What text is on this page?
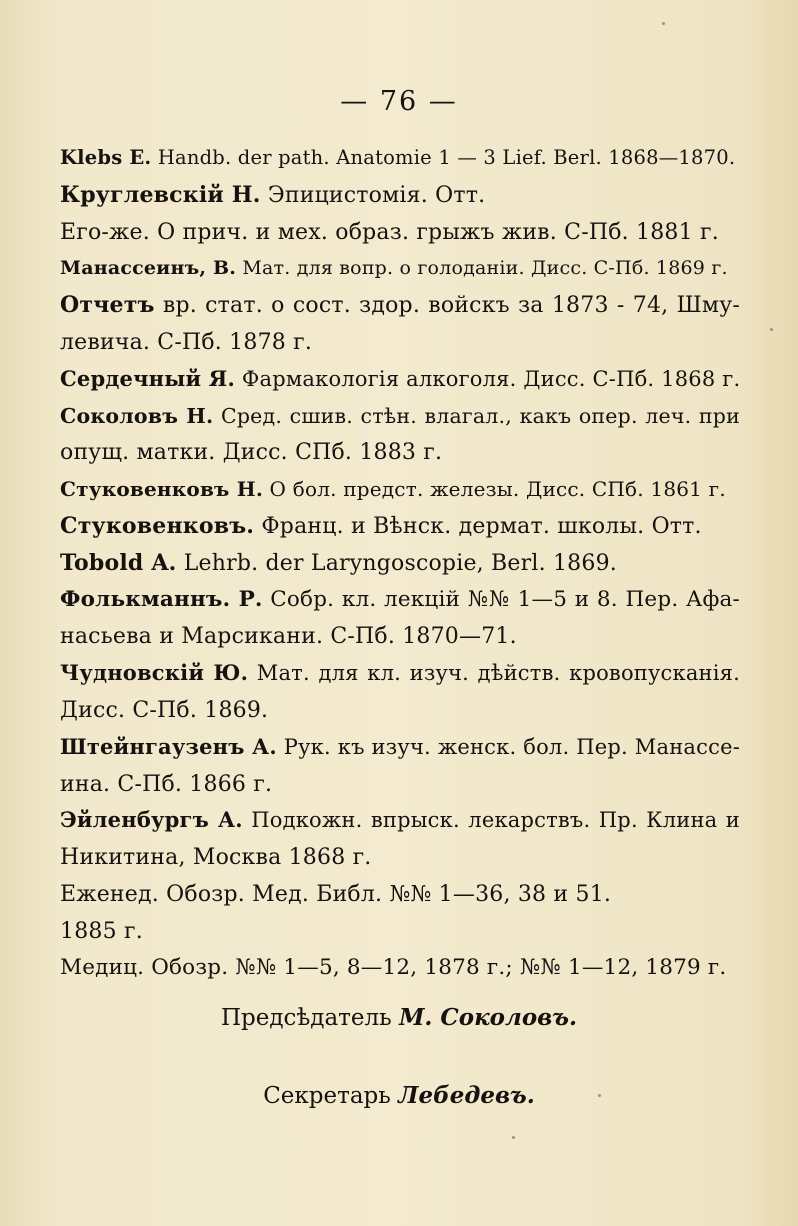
— 76 —
Klebs E. Handb. der path. Anatomie 1 — 3 Lief. Berl. 1868—1870.
Круглевскій Н. Эпицистомія. Отт.
Его-же. О прич. и мех. образ. грыжъ жив. С-Пб. 1881 г.
Манассеинъ, В. Мат. для вопр. о голоданіи. Дисс. С-Пб. 1869 г.
Отчетъ вр. стат. о сост. здор. войскъ за 1873 - 74, Шму-
левича. С-Пб. 1878 г.
Сердечный Я. Фармакологія алкоголя. Дисс. С-Пб. 1868 г.
Соколовъ Н. Сред. сшив. стѣн. влагал., какъ опер. леч. при
опущ. матки. Дисс. СПб. 1883 г.
Стуковенковъ Н. О бол. предст. железы. Дисс. СПб. 1861 г.
Стуковенковъ. Франц. и Вѣнск. дермат. школы. Отт.
Tobold A. Lehrb. der Laryngoscopie, Berl. 1869.
Фолькманнъ. Р. Собр. кл. лекцій №№ 1—5 и 8. Пер. Афа-
насьева и Марсикани. С-Пб. 1870—71.
Чудновскій Ю. Мат. для кл. изуч. дѣйств. кровопусканія.
Дисс. С-Пб. 1869.
Штейнгаузенъ А. Рук. къ изуч. женск. бол. Пер. Манассе-
ина. С-Пб. 1866 г.
Эйленбургъ А. Подкожн. впрыск. лекарствъ. Пр. Клина и
Никитина, Москва 1868 г.
Еженед. Обозр. Мед. Библ. №№ 1—36, 38 и 51.
1885 г.
Медиц. Обозр. №№ 1—5, 8—12, 1878 г.; №№ 1—12, 1879 г.
Предсѣдатель М. Соколовъ.
Секретарь Лебедевъ.
